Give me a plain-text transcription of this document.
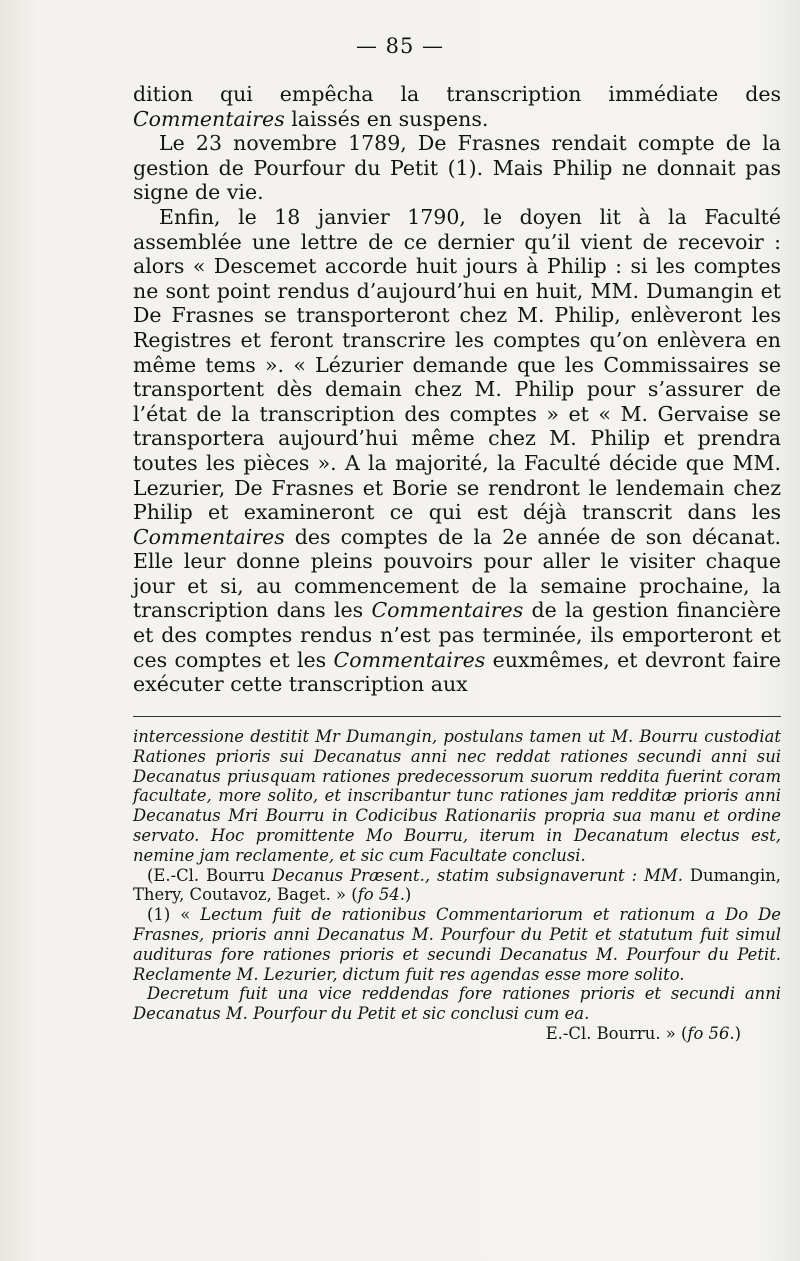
— 85 —

dition qui empêcha la transcription immédiate des Commentaires laissés en suspens.

Le 23 novembre 1789, De Frasnes rendait compte de la gestion de Pourfour du Petit (1). Mais Philip ne donnait pas signe de vie.

Enfin, le 18 janvier 1790, le doyen lit à la Faculté assemblée une lettre de ce dernier qu’il vient de recevoir : alors « Descemet accorde huit jours à Philip : si les comptes ne sont point rendus d’aujourd’hui en huit, MM. Dumangin et De Frasnes se transporteront chez M. Philip, enlèveront les Registres et feront transcrire les comptes qu’on enlèvera en même tems ». « Lézurier demande que les Commissaires se transportent dès demain chez M. Philip pour s’assurer de l’état de la transcription des comptes » et « M. Gervaise se transportera aujourd’hui même chez M. Philip et prendra toutes les pièces ». A la majorité, la Faculté décide que MM. Lezurier, De Frasnes et Borie se rendront le lendemain chez Philip et examineront ce qui est déjà transcrit dans les Commentaires des comptes de la 2e année de son décanat. Elle leur donne pleins pouvoirs pour aller le visiter chaque jour et si, au commencement de la semaine prochaine, la transcription dans les Commentaires de la gestion financière et des comptes rendus n’est pas terminée, ils emporteront et ces comptes et les Commentaires euxmêmes, et devront faire exécuter cette transcription aux

intercessione destitit Mr Dumangin, postulans tamen ut M. Bourru custodiat Rationes prioris sui Decanatus anni nec reddat rationes secundi anni sui Decanatus priusquam rationes predecessorum suorum reddita fuerint coram facultate, more solito, et inscribantur tunc rationes jam redditæ prioris anni Decanatus Mri Bourru in Codicibus Rationariis propria sua manu et ordine servato. Hoc promittente Mo Bourru, iterum in Decanatum electus est, nemine jam reclamente, et sic cum Facultate conclusi.

(E.-Cl. Bourru Decanus Præsent., statim subsignaverunt : MM. Dumangin, Thery, Coutavoz, Baget. » (fo 54.)

(1) « Lectum fuit de rationibus Commentariorum et rationum a Do De Frasnes, prioris anni Decanatus M. Pourfour du Petit et statutum fuit simul audituras fore rationes prioris et secundi Decanatus M. Pourfour du Petit. Reclamente M. Lezurier, dictum fuit res agendas esse more solito.

Decretum fuit una vice reddendas fore rationes prioris et secundi anni Decanatus M. Pourfour du Petit et sic conclusi cum ea.

E.-Cl. Bourru. » (fo 56.)
